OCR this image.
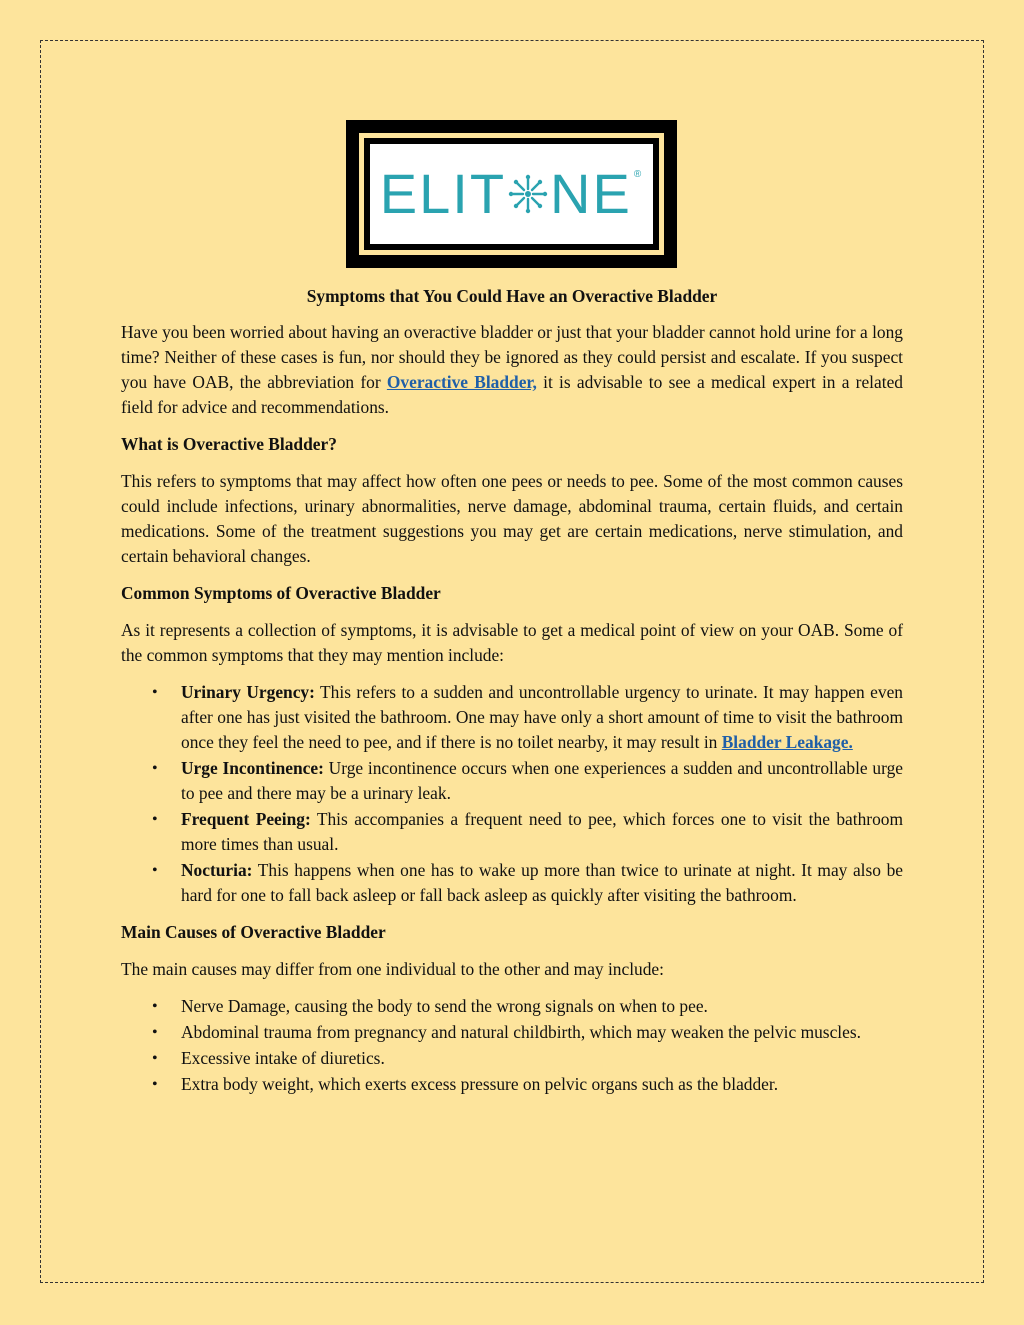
ELIT NE ®
Symptoms that You Could Have an Overactive Bladder

Have you been worried about having an overactive bladder or just that your bladder cannot hold urine for a long time? Neither of these cases is fun, nor should they be ignored as they could persist and escalate. If you suspect you have OAB, the abbreviation for Overactive Bladder, it is advisable to see a medical expert in a related field for advice and recommendations.

What is Overactive Bladder?

This refers to symptoms that may affect how often one pees or needs to pee. Some of the most common causes could include infections, urinary abnormalities, nerve damage, abdominal trauma, certain fluids, and certain medications. Some of the treatment suggestions you may get are certain medications, nerve stimulation, and certain behavioral changes.

Common Symptoms of Overactive Bladder

As it represents a collection of symptoms, it is advisable to get a medical point of view on your OAB. Some of the common symptoms that they may mention include:

• Urinary Urgency: This refers to a sudden and uncontrollable urgency to urinate. It may happen even after one has just visited the bathroom. One may have only a short amount of time to visit the bathroom once they feel the need to pee, and if there is no toilet nearby, it may result in Bladder Leakage.
• Urge Incontinence: Urge incontinence occurs when one experiences a sudden and uncontrollable urge to pee and there may be a urinary leak.
• Frequent Peeing: This accompanies a frequent need to pee, which forces one to visit the bathroom more times than usual.
• Nocturia: This happens when one has to wake up more than twice to urinate at night. It may also be hard for one to fall back asleep or fall back asleep as quickly after visiting the bathroom.
Main Causes of Overactive Bladder

The main causes may differ from one individual to the other and may include:

• Nerve Damage, causing the body to send the wrong signals on when to pee.
• Abdominal trauma from pregnancy and natural childbirth, which may weaken the pelvic muscles.
• Excessive intake of diuretics.
• Extra body weight, which exerts excess pressure on pelvic organs such as the bladder.
